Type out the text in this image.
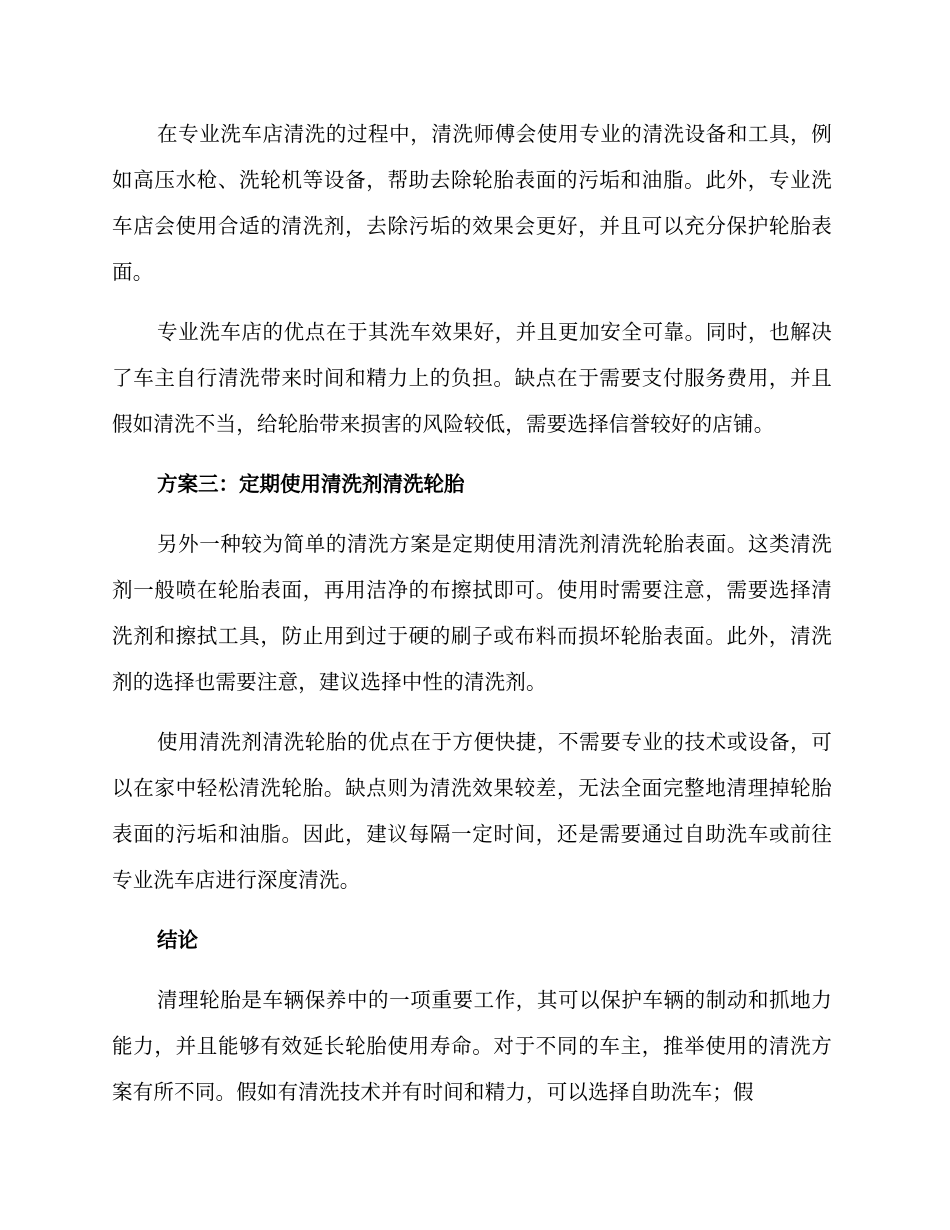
在专业洗车店清洗的过程中，清洗师傅会使用专业的清洗设备和工具，例如高压水枪、洗轮机等设备，帮助去除轮胎表面的污垢和油脂。此外，专业洗车店会使用合适的清洗剂，去除污垢的效果会更好，并且可以充分保护轮胎表面。

专业洗车店的优点在于其洗车效果好，并且更加安全可靠。同时，也解决了车主自行清洗带来时间和精力上的负担。缺点在于需要支付服务费用，并且假如清洗不当，给轮胎带来损害的风险较低，需要选择信誉较好的店铺。

方案三：定期使用清洗剂清洗轮胎

另外一种较为简单的清洗方案是定期使用清洗剂清洗轮胎表面。这类清洗剂一般喷在轮胎表面，再用洁净的布擦拭即可。使用时需要注意，需要选择清洗剂和擦拭工具，防止用到过于硬的刷子或布料而损坏轮胎表面。此外，清洗剂的选择也需要注意，建议选择中性的清洗剂。

使用清洗剂清洗轮胎的优点在于方便快捷，不需要专业的技术或设备，可以在家中轻松清洗轮胎。缺点则为清洗效果较差，无法全面完整地清理掉轮胎表面的污垢和油脂。因此，建议每隔一定时间，还是需要通过自助洗车或前往专业洗车店进行深度清洗。

结论

清理轮胎是车辆保养中的一项重要工作，其可以保护车辆的制动和抓地力能力，并且能够有效延长轮胎使用寿命。对于不同的车主，推举使用的清洗方案有所不同。假如有清洗技术并有时间和精力，可以选择自助洗车；假
